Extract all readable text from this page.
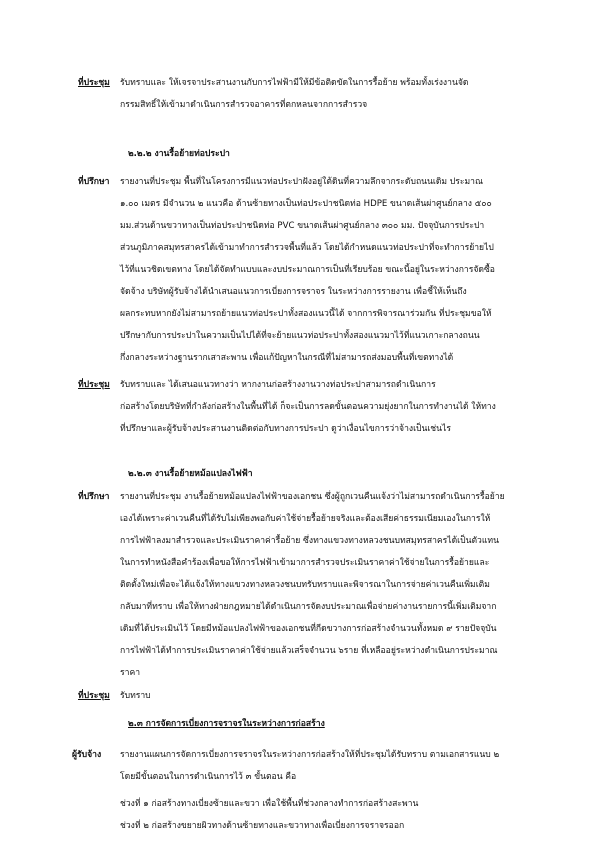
ที่ประชุม รับทราบและ ให้เจรจาประสานงานกับการไฟฟ้ามีให้มีข้อติดขัดในการรื้อย้าย พร้อมทั้งเร่งงานจัด
กรรมสิทธิ์ให้เข้ามาดำเนินการสำรวจอาคารที่ตกหลนจากการสำรวจ
๒.๒.๒ งานรื้อย้ายท่อประปา
ที่ปรึกษา รายงานที่ประชุม พื้นที่ในโครงการมีแนวท่อประปาฝังอยู่ใต้ดินที่ความลึกจากระดับถนนเดิม ประมาณ
๑.๐๐ เมตร มีจำนวน ๒ แนวคือ ด้านซ้ายทางเป็นท่อประปาชนิดท่อ HDPE ขนาดเส้นผ่าศูนย์กลาง ๕๐๐
มม.ส่วนด้านขวาทางเป็นท่อประปาชนิดท่อ PVC ขนาดเส้นผ่าศูนย์กลาง ๓๐๐ มม. ปัจจุบันการประปา
ส่วนภูมิภาคสมุทรสาครได้เข้ามาทำการสำรวจพื้นที่แล้ว โดยได้กำหนดแนวท่อประปาที่จะทำการย้ายไป
ไว้ที่แนวชิดเขตทาง โดยได้จัดทำแบบและงบประมาณการเป็นที่เรียบร้อย ขณะนี้อยู่ในระหว่างการจัดซื้อ
จัดจ้าง บริษัทผู้รับจ้างได้นำเสนอแนวการเบี่ยงการจราจร ในระหว่างการรายงาน เพื่อชี้ให้เห็นถึง
ผลกระทบหากยังไม่สามารถย้ายแนวท่อประปาทั้งสองแนวนี้ได้ จากการพิจารณาร่วมกัน ที่ประชุมขอให้
ปรึกษากับการประปาในความเป็นไปได้ที่จะย้ายแนวท่อประปาทั้งสองแนวมาไว้ที่แนวเกาะกลางถนน
กึ่งกลางระหว่างฐานรากเสาสะพาน เพื่อแก้ปัญหาในกรณีที่ไม่สามารถส่งมอบพื้นที่เขตทางได้
ที่ประชุม รับทราบและ ได้เสนอแนวทางว่า หากงานก่อสร้างงานวางท่อประปาสามารถดำเนินการ
ก่อสร้างโดยบริษัทที่กำลังก่อสร้างในพื้นที่ได้ ก็จะเป็นการลดขั้นตอนความยุ่งยากในการทำงานได้ ให้ทาง
ที่ปรึกษาและผู้รับจ้างประสานงานติดต่อกับทางการประปา ดูว่าเงื่อนไขการว่าจ้างเป็นเช่นไร
๒.๒.๓ งานรื้อย้ายหม้อแปลงไฟฟ้า
ที่ปรึกษา รายงานที่ประชุม งานรื้อย้ายหม้อแปลงไฟฟ้าของเอกชน ซึ่งผู้ถูกเวนคืนแจ้งว่าไม่สามารถดำเนินการรื้อย้าย
เองได้เพราะค่าเวนคืนที่ได้รับไม่เพียงพอกับค่าใช้จ่ายรื้อย้ายจริงและต้องเสียค่าธรรมเนียมเองในการให้
การไฟฟ้าลงมาสำรวจและประเมินราคาค่ารื้อย้าย ซึ่งทางแขวงทางหลวงชนบทสมุทรสาครได้เป็นตัวแทน
ในการทำหนังสือคำร้องเพื่อขอให้การไฟฟ้าเข้ามาการสำรวจประเมินราคาค่าใช้จ่ายในการรื้อย้ายและ
ติดตั้งใหม่เพื่อจะได้แจ้งให้ทางแขวงทางหลวงชนบทรับทราบและพิจารณาในการจ่ายค่าเวนคืนเพิ่มเติม
กลับมาที่ทราบ เพื่อให้ทางฝ่ายกฎหมายได้ดำเนินการจัดงบประมาณเพื่อจ่ายค่างานรายการนี้เพิ่มเติมจาก
เดิมที่ได้ประเมินไว้ โดยมีหม้อแปลงไฟฟ้าของเอกชนที่กีดขวางการก่อสร้างจำนวนทั้งหมด ๙ รายปัจจุบัน
การไฟฟ้าได้ทำการประเมินราคาค่าใช้จ่ายแล้วเสร็จจำนวน ๖ราย ที่เหลืออยู่ระหว่างดำเนินการประมาณ
ราคา
ที่ประชุม รับทราบ
๒.๓ การจัดการเบี่ยงการจราจรในระหว่างการก่อสร้าง
ผู้รับจ้าง รายงานแผนการจัดการเบี่ยงการจราจรในระหว่างการก่อสร้างให้ที่ประชุมได้รับทราบ ตามเอกสารแนบ ๒
โดยมีขั้นตอนในการดำเนินการไว้ ๓ ขั้นตอน คือ
ช่วงที่ ๑ ก่อสร้างทางเบี่ยงซ้ายและขวา เพื่อใช้พื้นที่ช่วงกลางทำการก่อสร้างสะพาน
ช่วงที่ ๒ ก่อสร้างขยายผิวทางด้านซ้ายทางและขวาทางเพื่อเบี่ยงการจราจรออก
